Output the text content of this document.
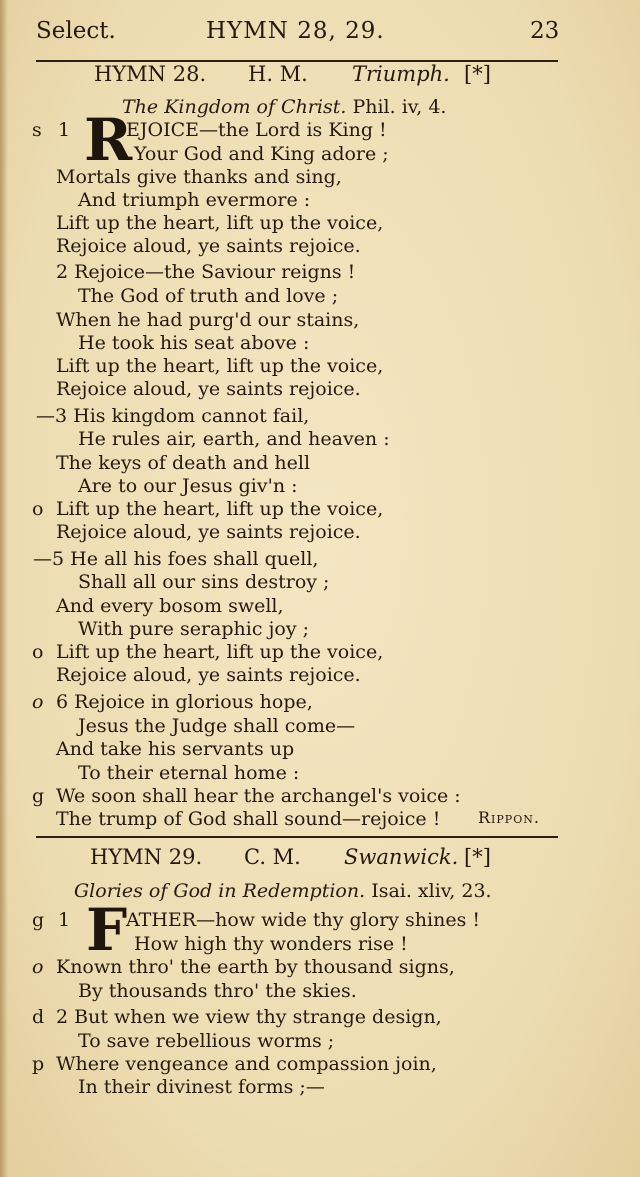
Select.	HYMN 28, 29.	23
HYMN 28. H. M. Triumph. [*]
The Kingdom of Christ. Phil. iv, 4.
s 1	EJOICE—the Lord is King !
Your God and King adore ;
Mortals give thanks and sing,
And triumph evermore :
Lift up the heart, lift up the voice,
Rejoice aloud, ye saints rejoice.
2 Rejoice—the Saviour reigns !
The God of truth and love ;
When he had purg'd our stains,
He took his seat above :
Lift up the heart, lift up the voice,
Rejoice aloud, ye saints rejoice.
—3 His kingdom cannot fail,
He rules air, earth, and heaven :
The keys of death and hell
Are to our Jesus giv'n :
o Lift up the heart, lift up the voice,
Rejoice aloud, ye saints rejoice.
—5 He all his foes shall quell,
Shall all our sins destroy ;
And every bosom swell,
With pure seraphic joy ;
o Lift up the heart, lift up the voice,
Rejoice aloud, ye saints rejoice.
o 6 Rejoice in glorious hope,
Jesus the Judge shall come—
And take his servants up
To their eternal home :
g We soon shall hear the archangel's voice :
The trump of God shall sound—rejoice !
R
Rippon.
HYMN 29. C. M. Swanwick. [*]
Glories of God in Redemption. Isai. xliv, 23.
g 1	ATHER—how wide thy glory shines !
How high thy wonders rise !
o Known thro' the earth by thousand signs,
By thousands thro' the skies.
d 2 But when we view thy strange design,
To save rebellious worms ;
p Where vengeance and compassion join,
In their divinest forms ;—
F
